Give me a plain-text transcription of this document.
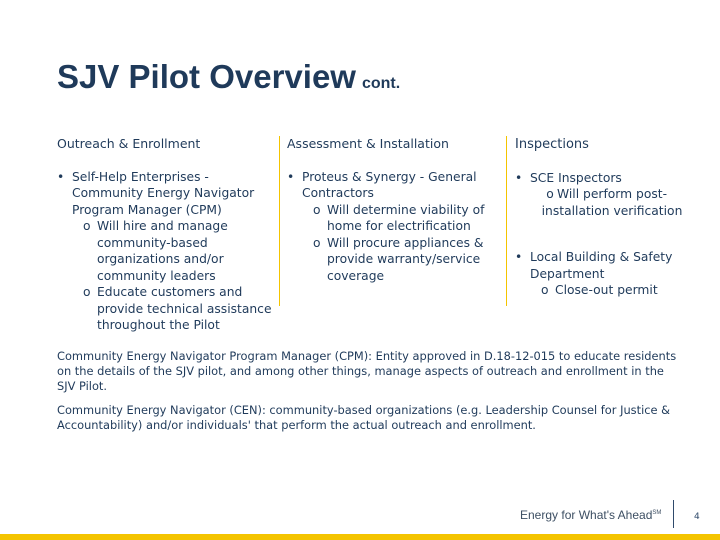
SJV Pilot Overview cont.
Outreach & Enrollment
• Self-Help Enterprises - Community Energy Navigator Program Manager (CPM)
o Will hire and manage community-based organizations and/or community leaders
o Educate customers and provide technical assistance throughout the Pilot
Assessment & Installation
• Proteus & Synergy - General Contractors
o Will determine viability of home for electrification
o Will procure appliances & provide warranty/service coverage
Inspections
• SCE Inspectors
o Will perform post-installation verification
• Local Building & Safety Department
o Close-out permit

Community Energy Navigator Program Manager (CPM): Entity approved in D.18-12-015 to educate residents on the details of the SJV pilot, and among other things, manage aspects of outreach and enrollment in the SJV Pilot.

Community Energy Navigator (CEN): community-based organizations (e.g. Leadership Counsel for Justice & Accountability) and/or individuals' that perform the actual outreach and enrollment.

Energy for What's Ahead℠	4
